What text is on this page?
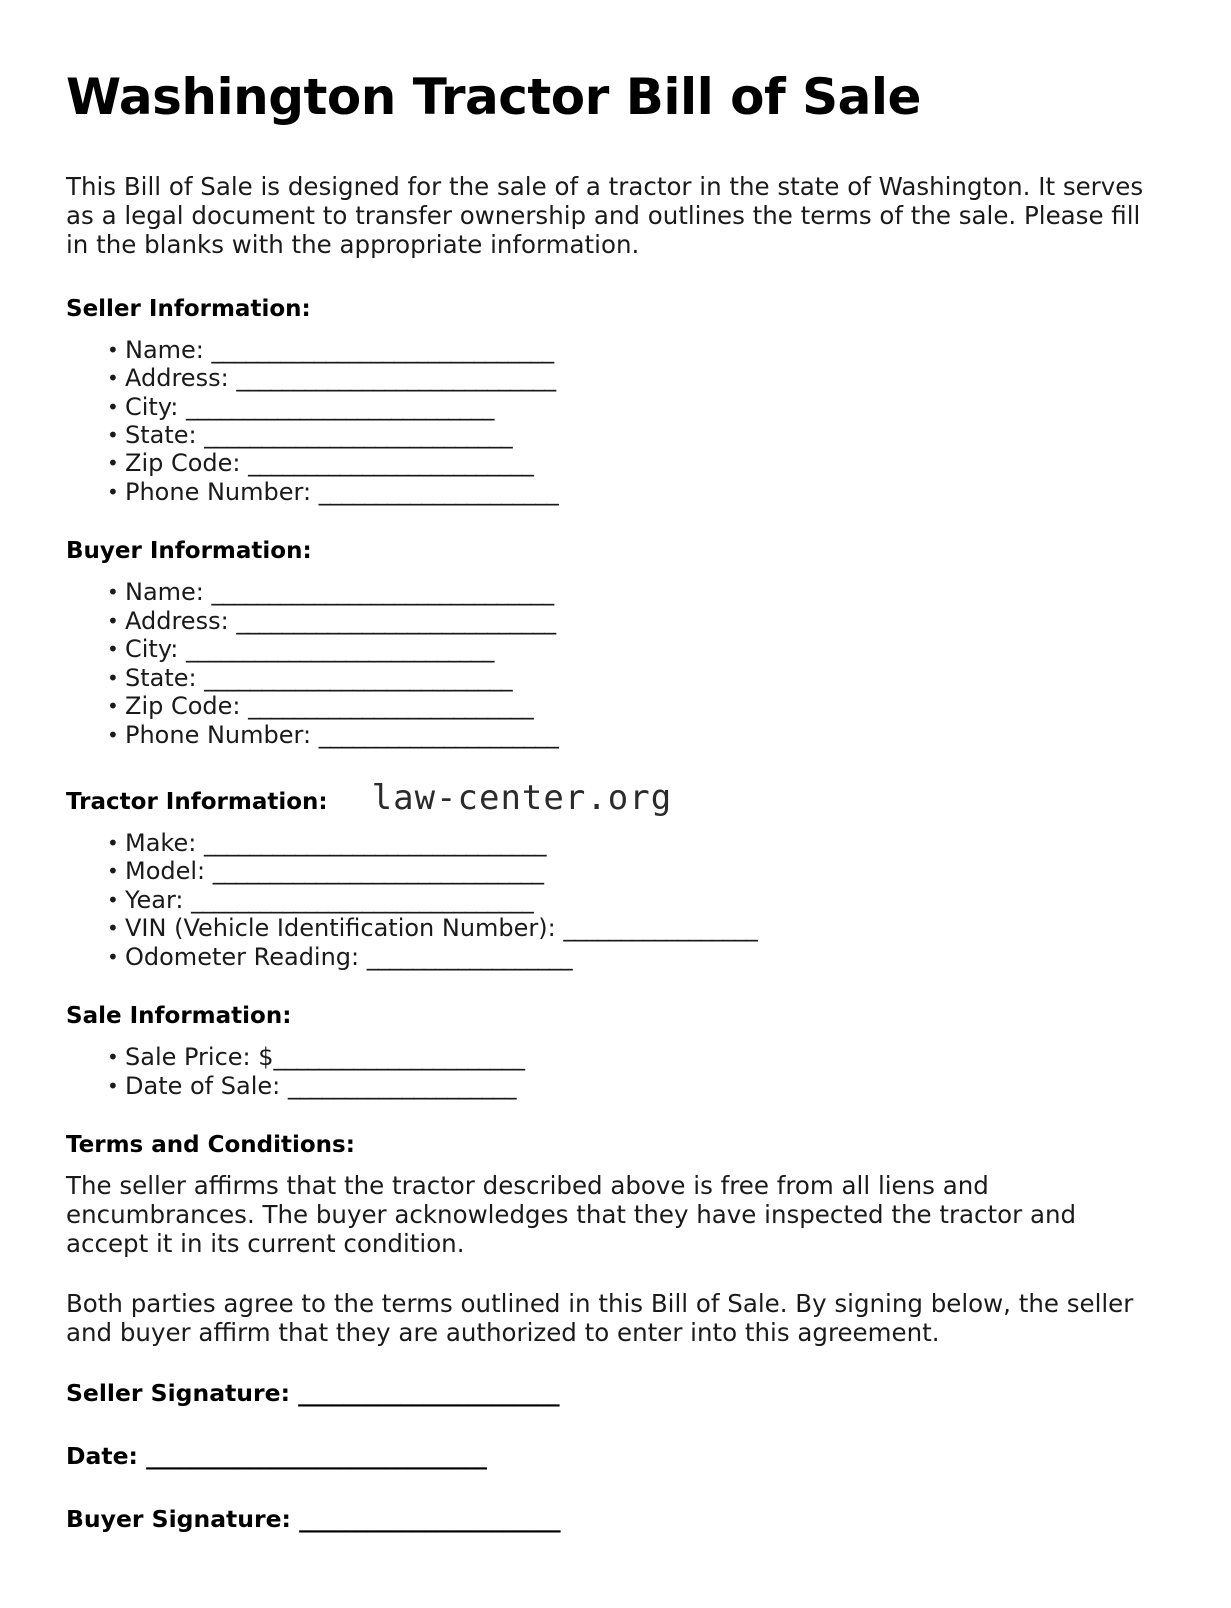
Washington Tractor Bill of Sale

This Bill of Sale is designed for the sale of a tractor in the state of Washington. It serves as a legal document to transfer ownership and outlines the terms of the sale. Please fill in the blanks with the appropriate information.

Seller Information:
• Name: ______________________________
• Address: ____________________________
• City: ___________________________
• State: ___________________________
• Zip Code: _________________________
• Phone Number: _____________________
Buyer Information:
• Name: ______________________________
• Address: ____________________________
• City: ___________________________
• State: ___________________________
• Zip Code: _________________________
• Phone Number: _____________________
Tractor Information: law-center.org
• Make: ______________________________
• Model: _____________________________
• Year: ______________________________
• VIN (Vehicle Identification Number): _________________
• Odometer Reading: __________________
Sale Information:
• Sale Price: $______________________
• Date of Sale: ____________________
Terms and Conditions:

The seller affirms that the tractor described above is free from all liens and encumbrances. The buyer acknowledges that they have inspected the tractor and accept it in its current condition.

Both parties agree to the terms outlined in this Bill of Sale. By signing below, the seller and buyer affirm that they are authorized to enter into this agreement.

Seller Signature: _______________________
Date: ______________________________
Buyer Signature: _______________________
